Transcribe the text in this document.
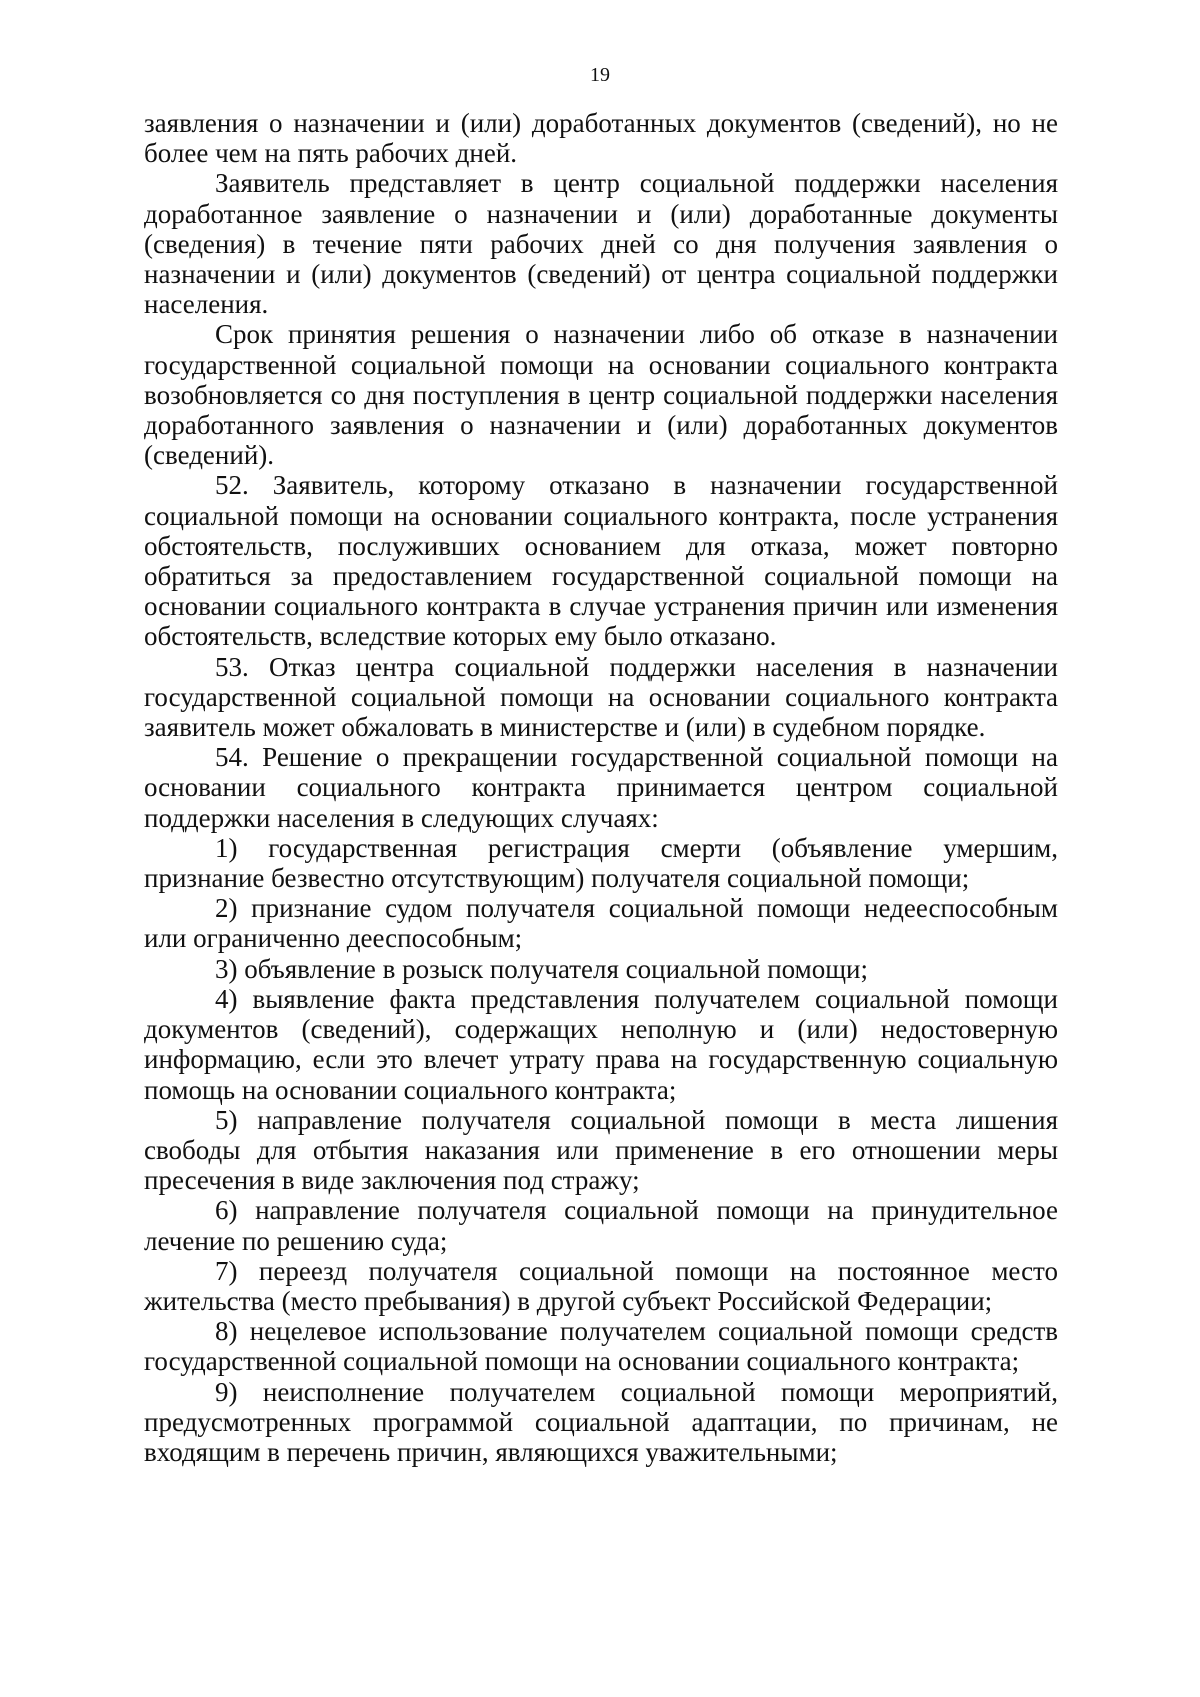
19

заявления о назначении и (или) доработанных документов (сведений), но не более чем на пять рабочих дней.

Заявитель представляет в центр социальной поддержки населения доработанное заявление о назначении и (или) доработанные документы (сведения) в течение пяти рабочих дней со дня получения заявления о назначении и (или) документов (сведений) от центра социальной поддержки населения.

Срок принятия решения о назначении либо об отказе в назначении государственной социальной помощи на основании социального контракта возобновляется со дня поступления в центр социальной поддержки населения доработанного заявления о назначении и (или) доработанных документов (сведений).

52. Заявитель, которому отказано в назначении государственной социальной помощи на основании социального контракта, после устранения обстоятельств, послуживших основанием для отказа, может повторно обратиться за предоставлением государственной социальной помощи на основании социального контракта в случае устранения причин или изменения обстоятельств, вследствие которых ему было отказано.

53. Отказ центра социальной поддержки населения в назначении государственной социальной помощи на основании социального контракта заявитель может обжаловать в министерстве и (или) в судебном порядке.

54. Решение о прекращении государственной социальной помощи на основании социального контракта принимается центром социальной поддержки населения в следующих случаях:

1) государственная регистрация смерти (объявление умершим, признание безвестно отсутствующим) получателя социальной помощи;

2) признание судом получателя социальной помощи недееспособным или ограниченно дееспособным;

3) объявление в розыск получателя социальной помощи;

4) выявление факта представления получателем социальной помощи документов (сведений), содержащих неполную и (или) недостоверную информацию, если это влечет утрату права на государственную социальную помощь на основании социального контракта;

5) направление получателя социальной помощи в места лишения свободы для отбытия наказания или применение в его отношении меры пресечения в виде заключения под стражу;

6) направление получателя социальной помощи на принудительное лечение по решению суда;

7) переезд получателя социальной помощи на постоянное место жительства (место пребывания) в другой субъект Российской Федерации;

8) нецелевое использование получателем социальной помощи средств государственной социальной помощи на основании социального контракта;

9) неисполнение получателем социальной помощи мероприятий, предусмотренных программой социальной адаптации, по причинам, не входящим в перечень причин, являющихся уважительными;
